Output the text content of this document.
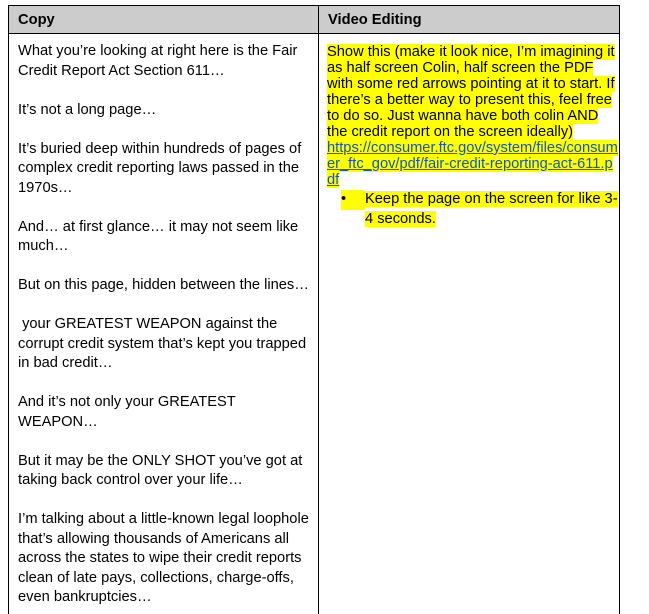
Copy	Video Editing

What you’re looking at right here is the Fair Credit Report Act Section 611…

It’s not a long page…

It’s buried deep within hundreds of pages of complex credit reporting laws passed in the 1970s…

And… at first glance… it may not seem like much…

But on this page, hidden between the lines…

your GREATEST WEAPON against the corrupt credit system that’s kept you trapped in bad credit…

And it’s not only your GREATEST WEAPON…

But it may be the ONLY SHOT you’ve got at taking back control over your life…

I’m talking about a little-known legal loophole that’s allowing thousands of Americans all across the states to wipe their credit reports clean of late pays, collections, charge-offs, even bankruptcies…

Show this (make it look nice, I’m imagining it as half screen Colin, half screen the PDF with some red arrows pointing at it to start. If there’s a better way to present this, feel free to do so. Just wanna have both colin AND the credit report on the screen ideally)
https://consumer.ftc.gov/system/files/consumer_ftc_gov/pdf/fair-credit-reporting-act-611.pdf
•	Keep the page on the screen for like 3-4 seconds.
